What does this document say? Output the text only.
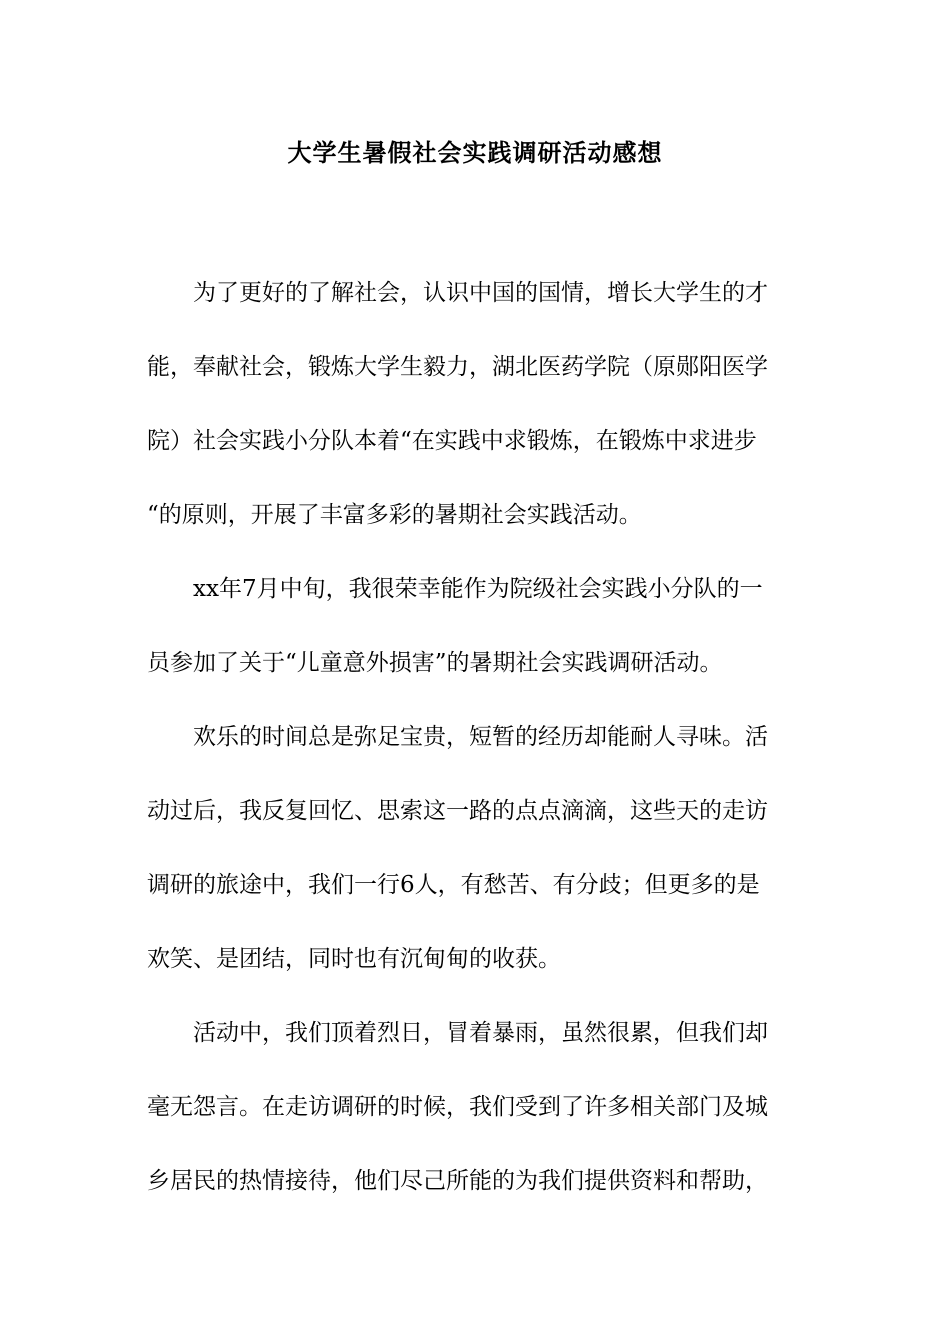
大学生暑假社会实践调研活动感想

为了更好的了解社会，认识中国的国情，增长大学生的才
能，奉献社会，锻炼大学生毅力，湖北医药学院（原郧阳医学
院）社会实践小分队本着“在实践中求锻炼，在锻炼中求进步
“的原则，开展了丰富多彩的暑期社会实践活动。

xx年7月中旬，我很荣幸能作为院级社会实践小分队的一
员参加了关于“儿童意外损害”的暑期社会实践调研活动。

欢乐的时间总是弥足宝贵，短暂的经历却能耐人寻味。活
动过后，我反复回忆、思索这一路的点点滴滴，这些天的走访
调研的旅途中，我们一行6人，有愁苦、有分歧；但更多的是
欢笑、是团结，同时也有沉甸甸的收获。

活动中，我们顶着烈日，冒着暴雨，虽然很累，但我们却
毫无怨言。在走访调研的时候，我们受到了许多相关部门及城
乡居民的热情接待，他们尽己所能的为我们提供资料和帮助，
